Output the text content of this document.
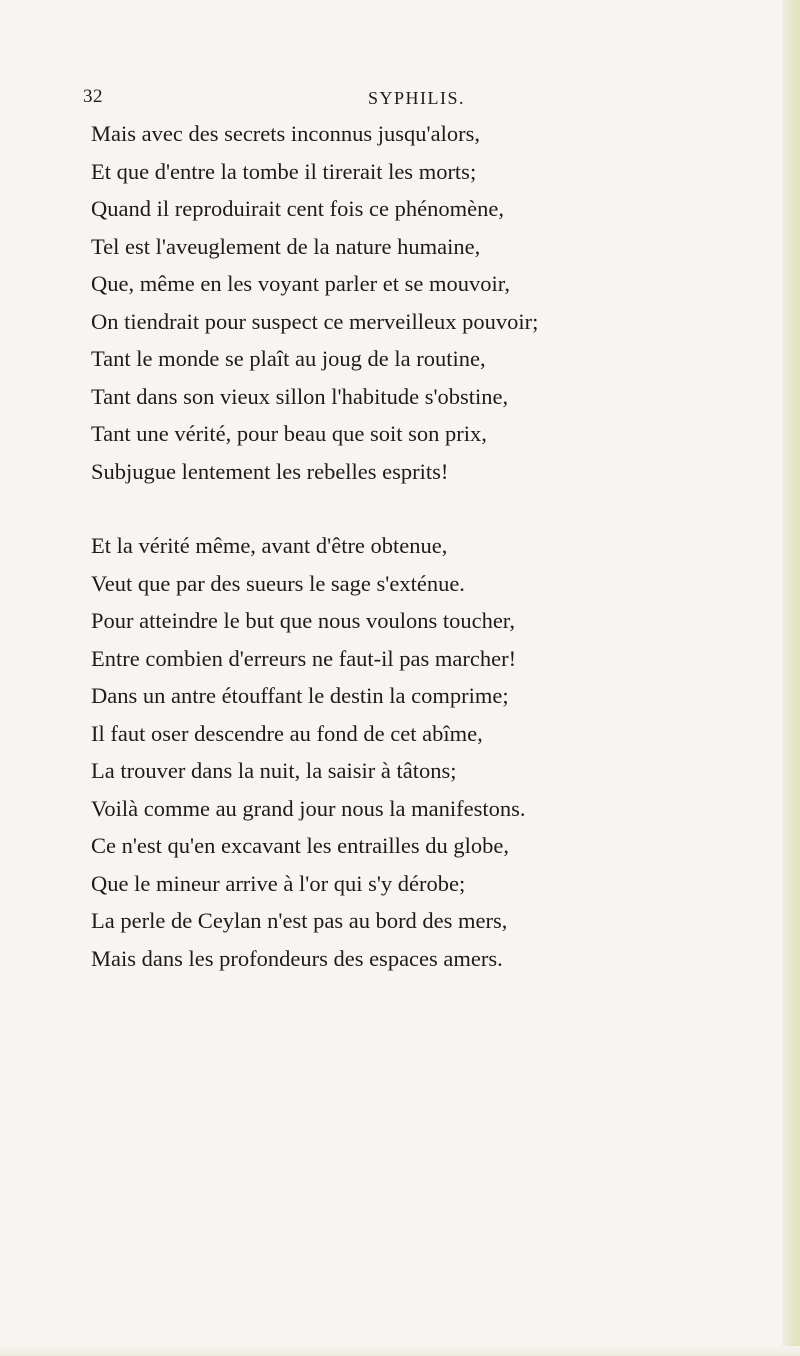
32	SYPHILIS.
Mais avec des secrets inconnus jusqu'alors,
Et que d'entre la tombe il tirerait les morts;
Quand il reproduirait cent fois ce phénomène,
Tel est l'aveuglement de la nature humaine,
Que, même en les voyant parler et se mouvoir,
On tiendrait pour suspect ce merveilleux pouvoir;
Tant le monde se plaît au joug de la routine,
Tant dans son vieux sillon l'habitude s'obstine,
Tant une vérité, pour beau que soit son prix,
Subjugue lentement les rebelles esprits!
Et la vérité même, avant d'être obtenue,
Veut que par des sueurs le sage s'exténue.
Pour atteindre le but que nous voulons toucher,
Entre combien d'erreurs ne faut-il pas marcher!
Dans un antre étouffant le destin la comprime;
Il faut oser descendre au fond de cet abîme,
La trouver dans la nuit, la saisir à tâtons;
Voilà comme au grand jour nous la manifestons.
Ce n'est qu'en excavant les entrailles du globe,
Que le mineur arrive à l'or qui s'y dérobe;
La perle de Ceylan n'est pas au bord des mers,
Mais dans les profondeurs des espaces amers.
